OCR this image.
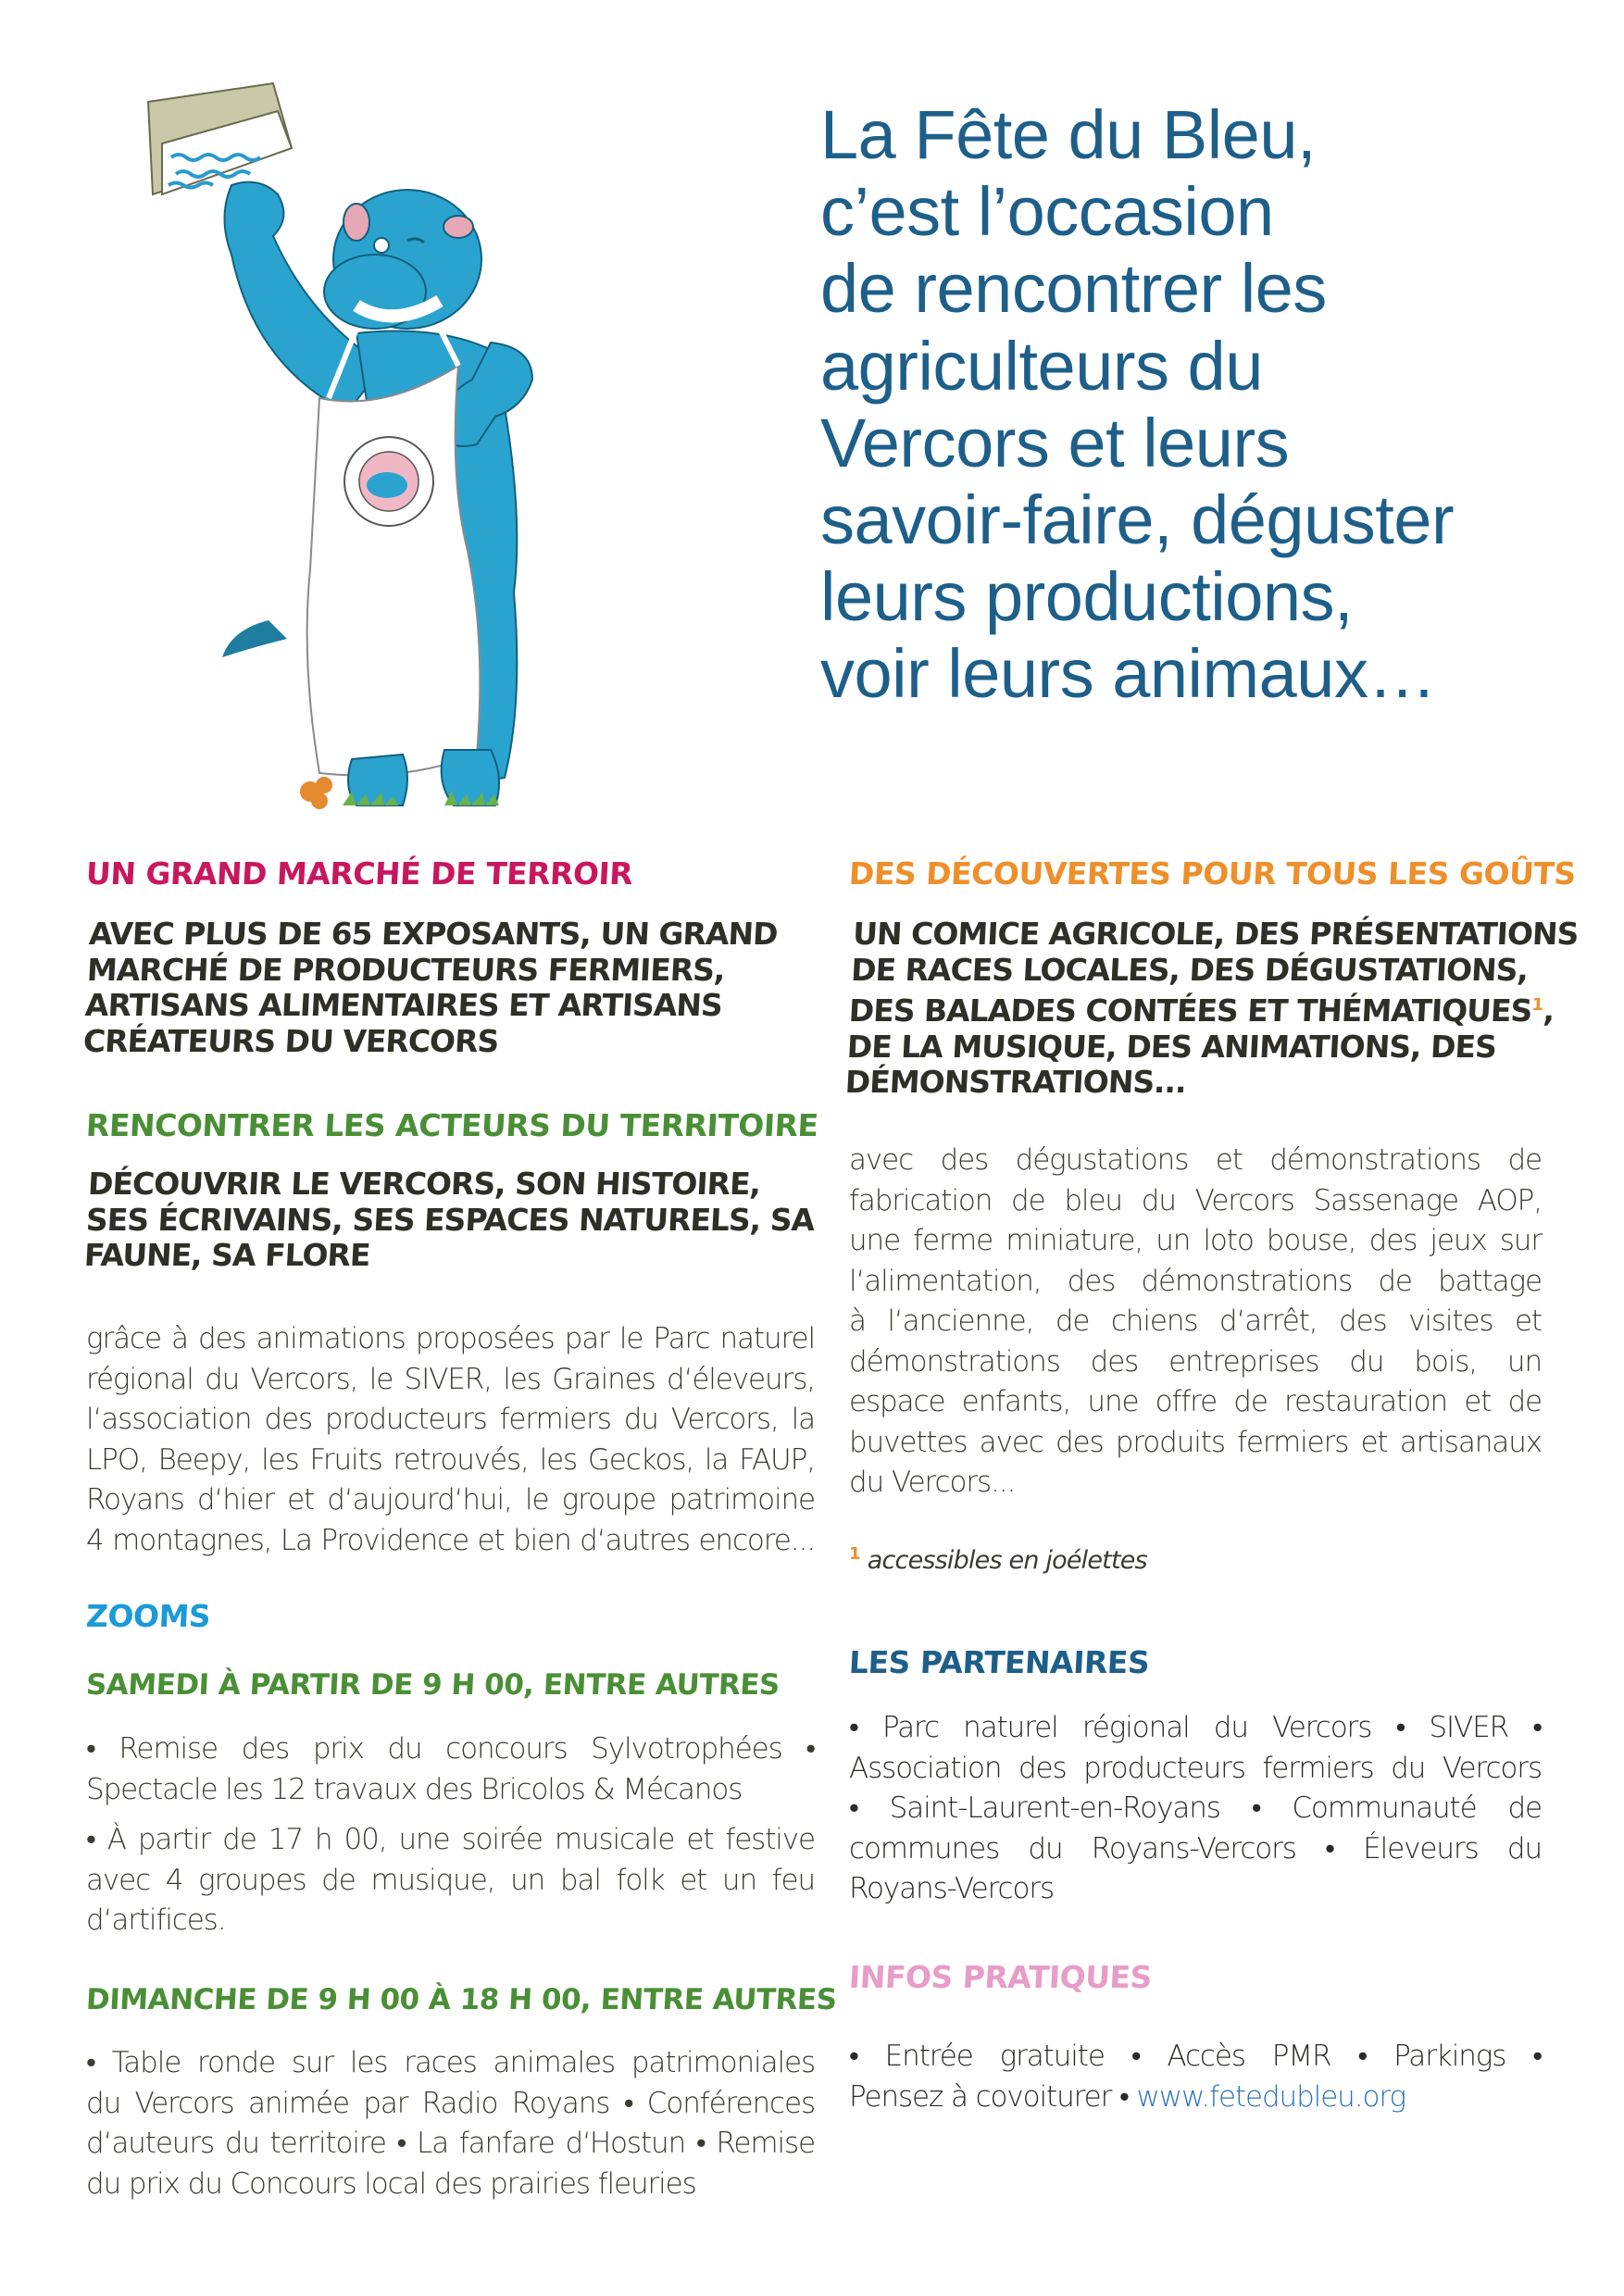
La Fête du Bleu,
c’est l’occasion
de rencontrer les
agriculteurs du
Vercors et leurs
savoir-faire, déguster
leurs productions,
voir leurs animaux…
UN GRAND MARCHÉ DE TERROIR
AVEC PLUS DE 65 EXPOSANTS, UN GRAND
MARCHÉ DE PRODUCTEURS FERMIERS,
ARTISANS ALIMENTAIRES ET ARTISANS
CRÉATEURS DU VERCORS
RENCONTRER LES ACTEURS DU TERRITOIRE
DÉCOUVRIR LE VERCORS, SON HISTOIRE,
SES ÉCRIVAINS, SES ESPACES NATURELS, SA
FAUNE, SA FLORE
grâce à des animations proposées par le Parc naturel
régional du Vercors, le SIVER, les Graines d‘éleveurs,
l‘association des producteurs fermiers du Vercors, la
LPO, Beepy, les Fruits retrouvés, les Geckos, la FAUP,
Royans d‘hier et d‘aujourd‘hui, le groupe patrimoine
4 montagnes, La Providence et bien d‘autres encore...
ZOOMS
SAMEDI À PARTIR DE 9 H 00, ENTRE AUTRES
• Remise des prix du concours Sylvotrophées •
Spectacle les 12 travaux des Bricolos & Mécanos
• À partir de 17 h 00, une soirée musicale et festive
avec 4 groupes de musique, un bal folk et un feu
d‘artifices.
DIMANCHE DE 9 H 00 À 18 H 00, ENTRE AUTRES
• Table ronde sur les races animales patrimoniales
du Vercors animée par Radio Royans • Conférences
d‘auteurs du territoire • La fanfare d‘Hostun • Remise
du prix du Concours local des prairies fleuries
DES DÉCOUVERTES POUR TOUS LES GOÛTS
UN COMICE AGRICOLE, DES PRÉSENTATIONS
DE RACES LOCALES, DES DÉGUSTATIONS,
DES BALADES CONTÉES ET THÉMATIQUES$^1$,
DE LA MUSIQUE, DES ANIMATIONS, DES
DÉMONSTRATIONS...
avec des dégustations et démonstrations de
fabrication de bleu du Vercors Sassenage AOP,
une ferme miniature, un loto bouse, des jeux sur
l‘alimentation, des démonstrations de battage
à l‘ancienne, de chiens d‘arrêt, des visites et
démonstrations des entreprises du bois, un
espace enfants, une offre de restauration et de
buvettes avec des produits fermiers et artisanaux
du Vercors...
$^1$ accessibles en joélettes
LES PARTENAIRES
• Parc naturel régional du Vercors • SIVER •
Association des producteurs fermiers du Vercors
• Saint-Laurent-en-Royans • Communauté de
communes du Royans-Vercors • Éleveurs du
Royans-Vercors
INFOS PRATIQUES
• Entrée gratuite • Accès PMR • Parkings •
Pensez à covoiturer • www.fetedubleu.org
